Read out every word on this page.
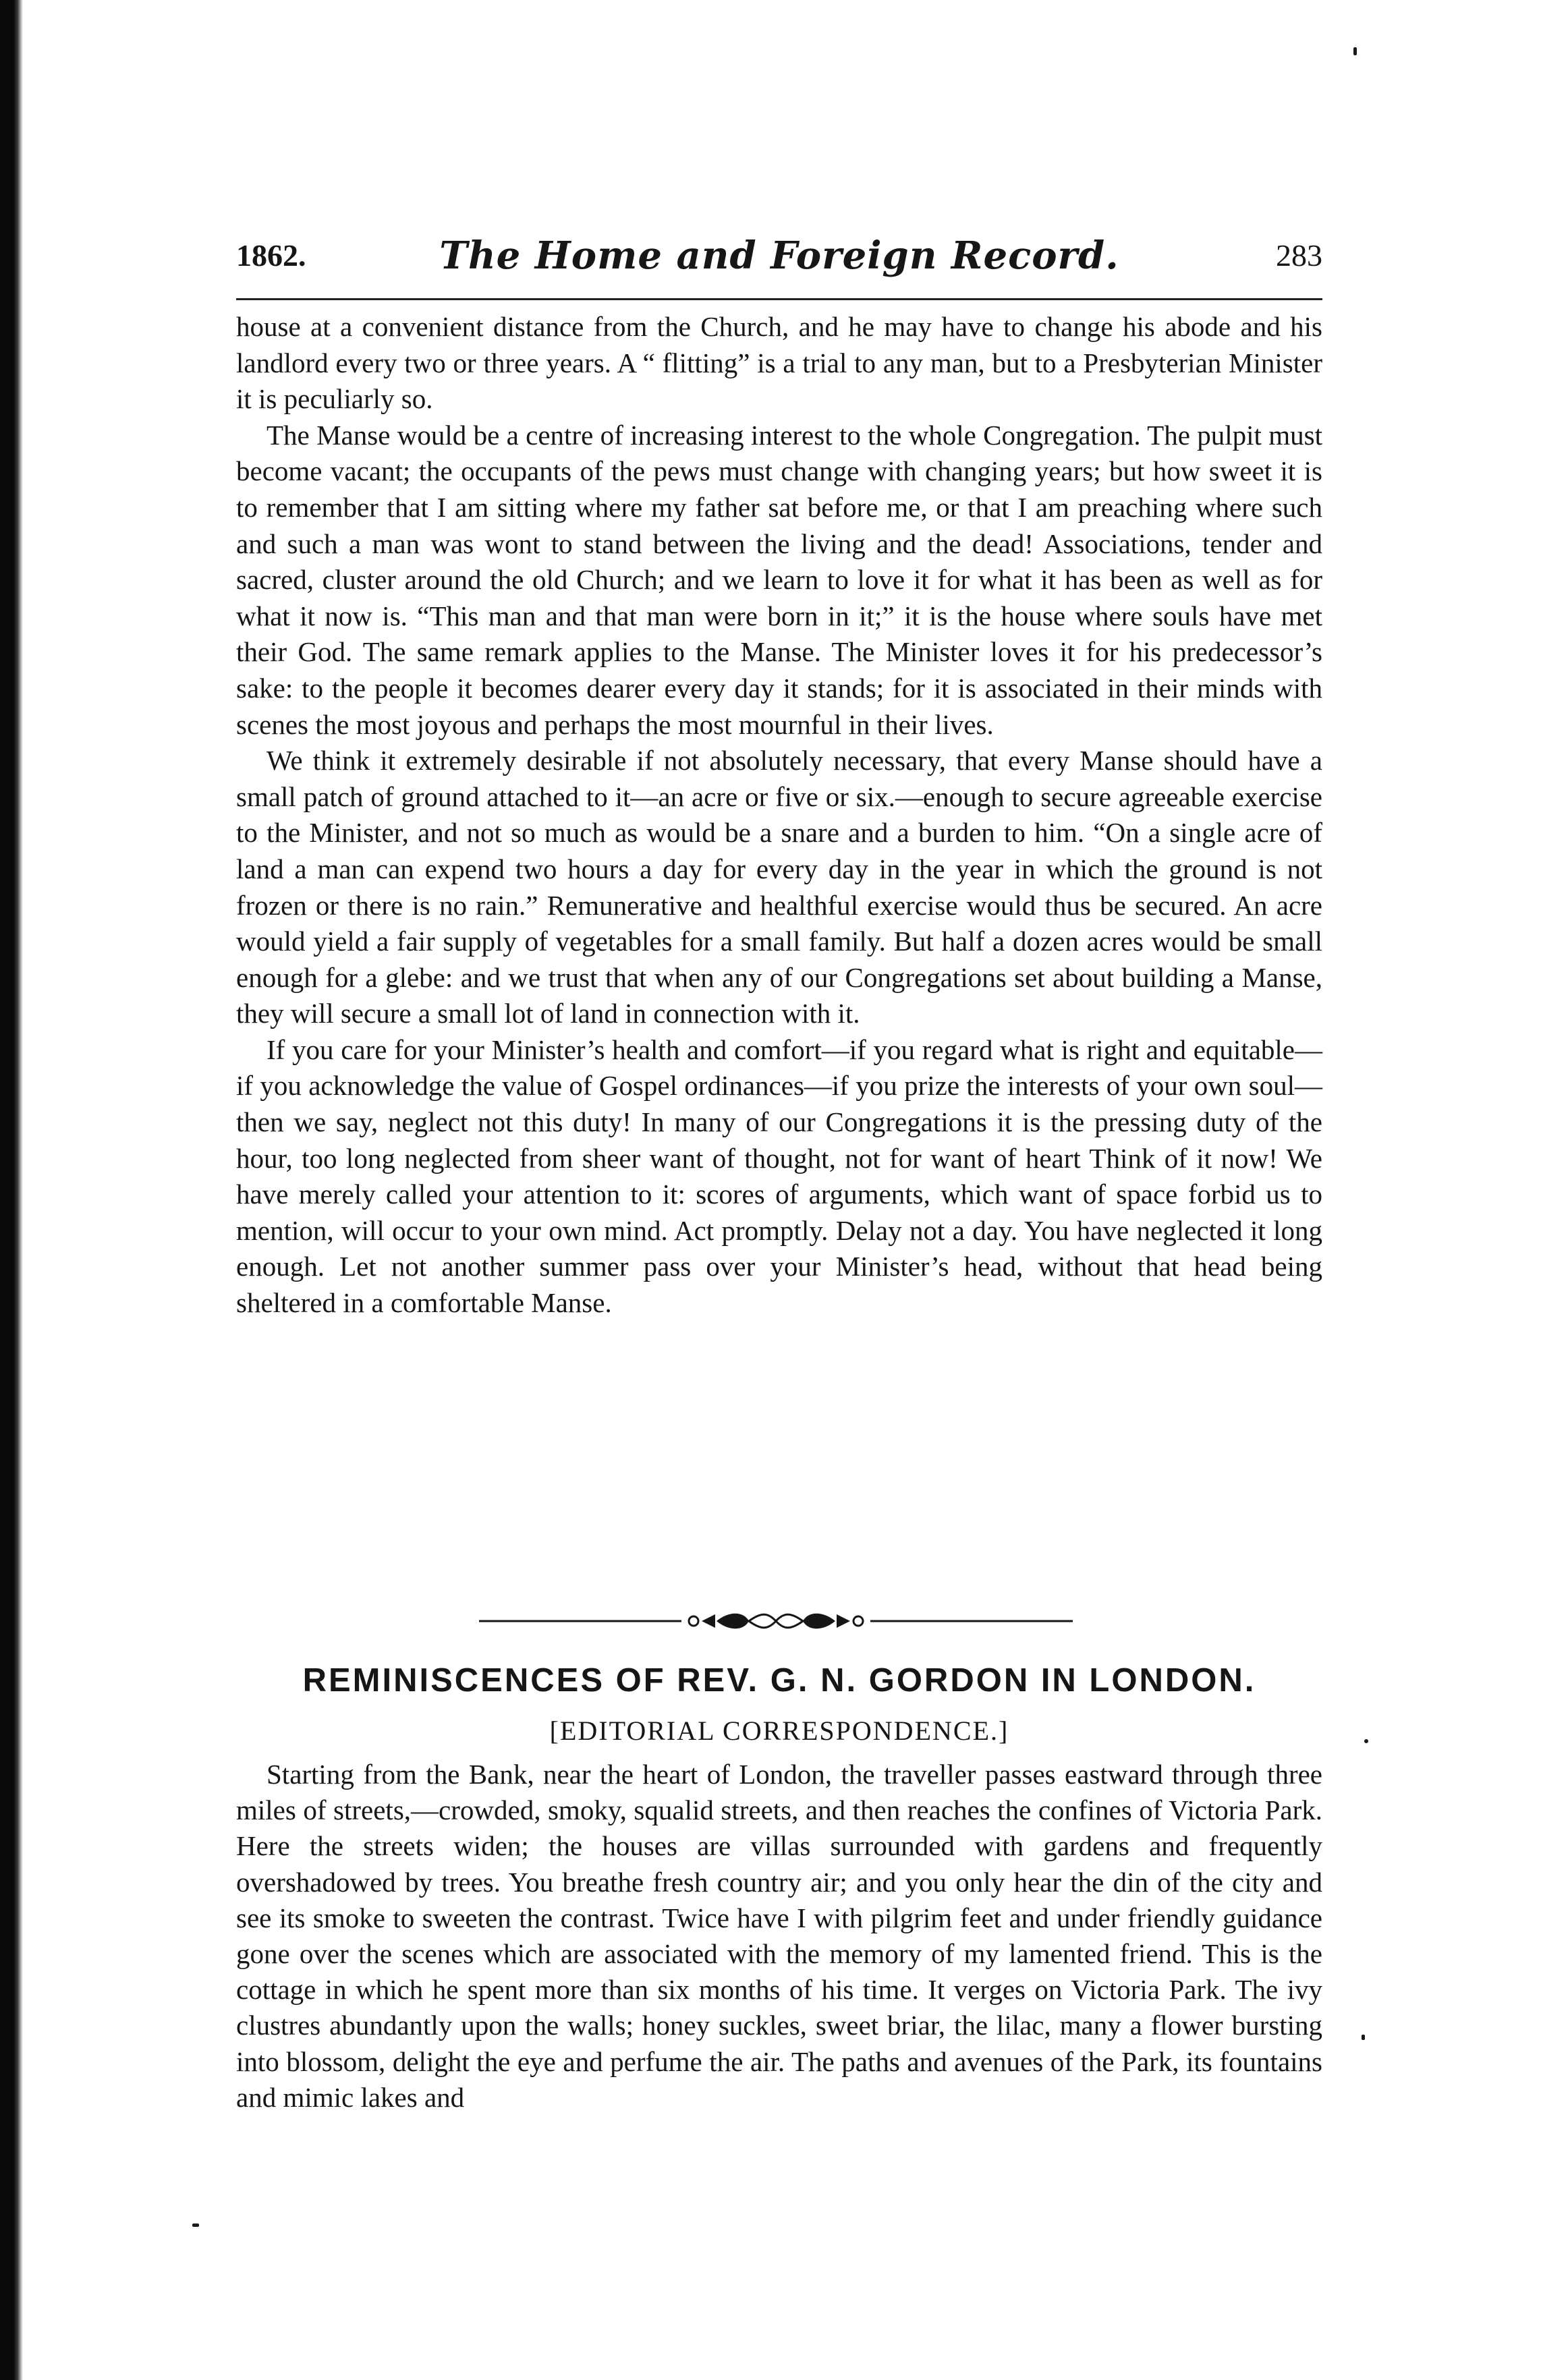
1862.	The Home and Foreign Record.	283

house at a convenient distance from the Church, and he may have to change his abode and his landlord every two or three years. A “ flitting” is a trial to any man, but to a Presbyterian Minister it is peculiarly so.

The Manse would be a centre of increasing interest to the whole Congregation. The pulpit must become vacant; the occupants of the pews must change with changing years; but how sweet it is to remember that I am sitting where my father sat before me, or that I am preaching where such and such a man was wont to stand between the living and the dead! Associations, tender and sacred, cluster around the old Church; and we learn to love it for what it has been as well as for what it now is. “This man and that man were born in it;” it is the house where souls have met their God. The same remark applies to the Manse. The Minister loves it for his predecessor’s sake: to the people it becomes dearer every day it stands; for it is associated in their minds with scenes the most joyous and perhaps the most mournful in their lives.

We think it extremely desirable if not absolutely necessary, that every Manse should have a small patch of ground attached to it—an acre or five or six.—enough to secure agreeable exercise to the Minister, and not so much as would be a snare and a burden to him. “On a single acre of land a man can expend two hours a day for every day in the year in which the ground is not frozen or there is no rain.” Remunerative and healthful exercise would thus be secured. An acre would yield a fair supply of vegetables for a small family. But half a dozen acres would be small enough for a glebe: and we trust that when any of our Congregations set about building a Manse, they will secure a small lot of land in connection with it.

If you care for your Minister’s health and comfort—if you regard what is right and equitable—if you acknowledge the value of Gospel ordinances—if you prize the interests of your own soul—then we say, neglect not this duty! In many of our Congregations it is the pressing duty of the hour, too long neglected from sheer want of thought, not for want of heart Think of it now! We have merely called your attention to it: scores of arguments, which want of space forbid us to mention, will occur to your own mind. Act promptly. Delay not a day. You have neglected it long enough. Let not another summer pass over your Minister’s head, without that head being sheltered in a comfortable Manse.

REMINISCENCES OF REV. G. N. GORDON IN LONDON.
[EDITORIAL CORRESPONDENCE.]

Starting from the Bank, near the heart of London, the traveller passes eastward through three miles of streets,—crowded, smoky, squalid streets, and then reaches the confines of Victoria Park. Here the streets widen; the houses are villas surrounded with gardens and frequently overshadowed by trees. You breathe fresh country air; and you only hear the din of the city and see its smoke to sweeten the contrast. Twice have I with pilgrim feet and under friendly guidance gone over the scenes which are associated with the memory of my lamented friend. This is the cottage in which he spent more than six months of his time. It verges on Victoria Park. The ivy clustres abundantly upon the walls; honey suckles, sweet briar, the lilac, many a flower bursting into blossom, delight the eye and perfume the air. The paths and avenues of the Park, its fountains and mimic lakes and
